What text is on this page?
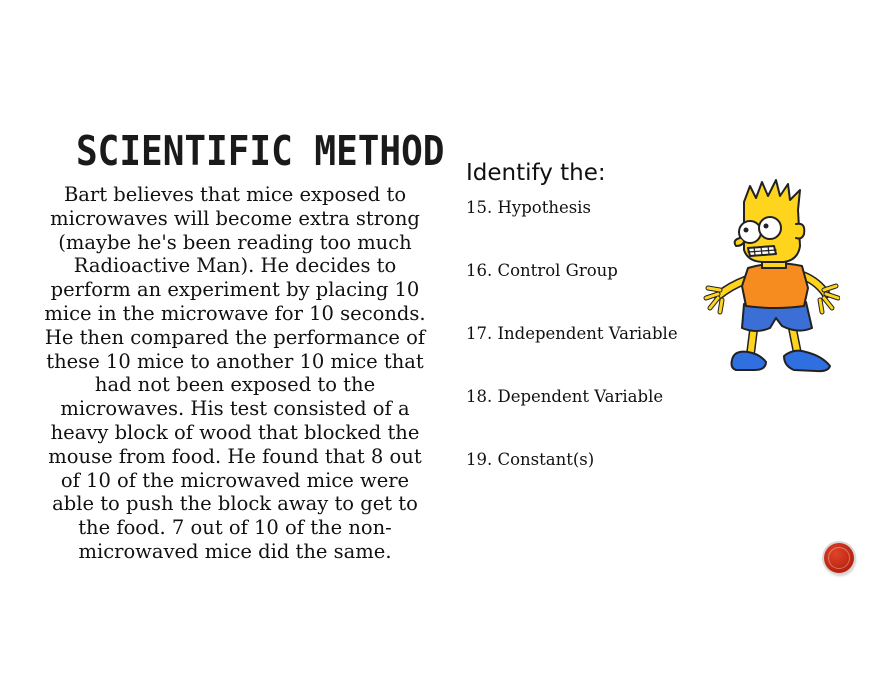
SCIENTIFIC METHOD

Bart believes that mice exposed to microwaves will become extra strong (maybe he's been reading too much Radioactive Man). He decides to perform an experiment by placing 10 mice in the microwave for 10 seconds. He then compared the performance of these 10 mice to another 10 mice that had not been exposed to the microwaves. His test consisted of a heavy block of wood that blocked the mouse from food. He found that 8 out of 10 of the microwaved mice were able to push the block away to get to the food. 7 out of 10 of the non-microwaved mice did the same.

Identify the:
15. Hypothesis
16. Control Group
17. Independent Variable
18. Dependent Variable
19. Constant(s)
